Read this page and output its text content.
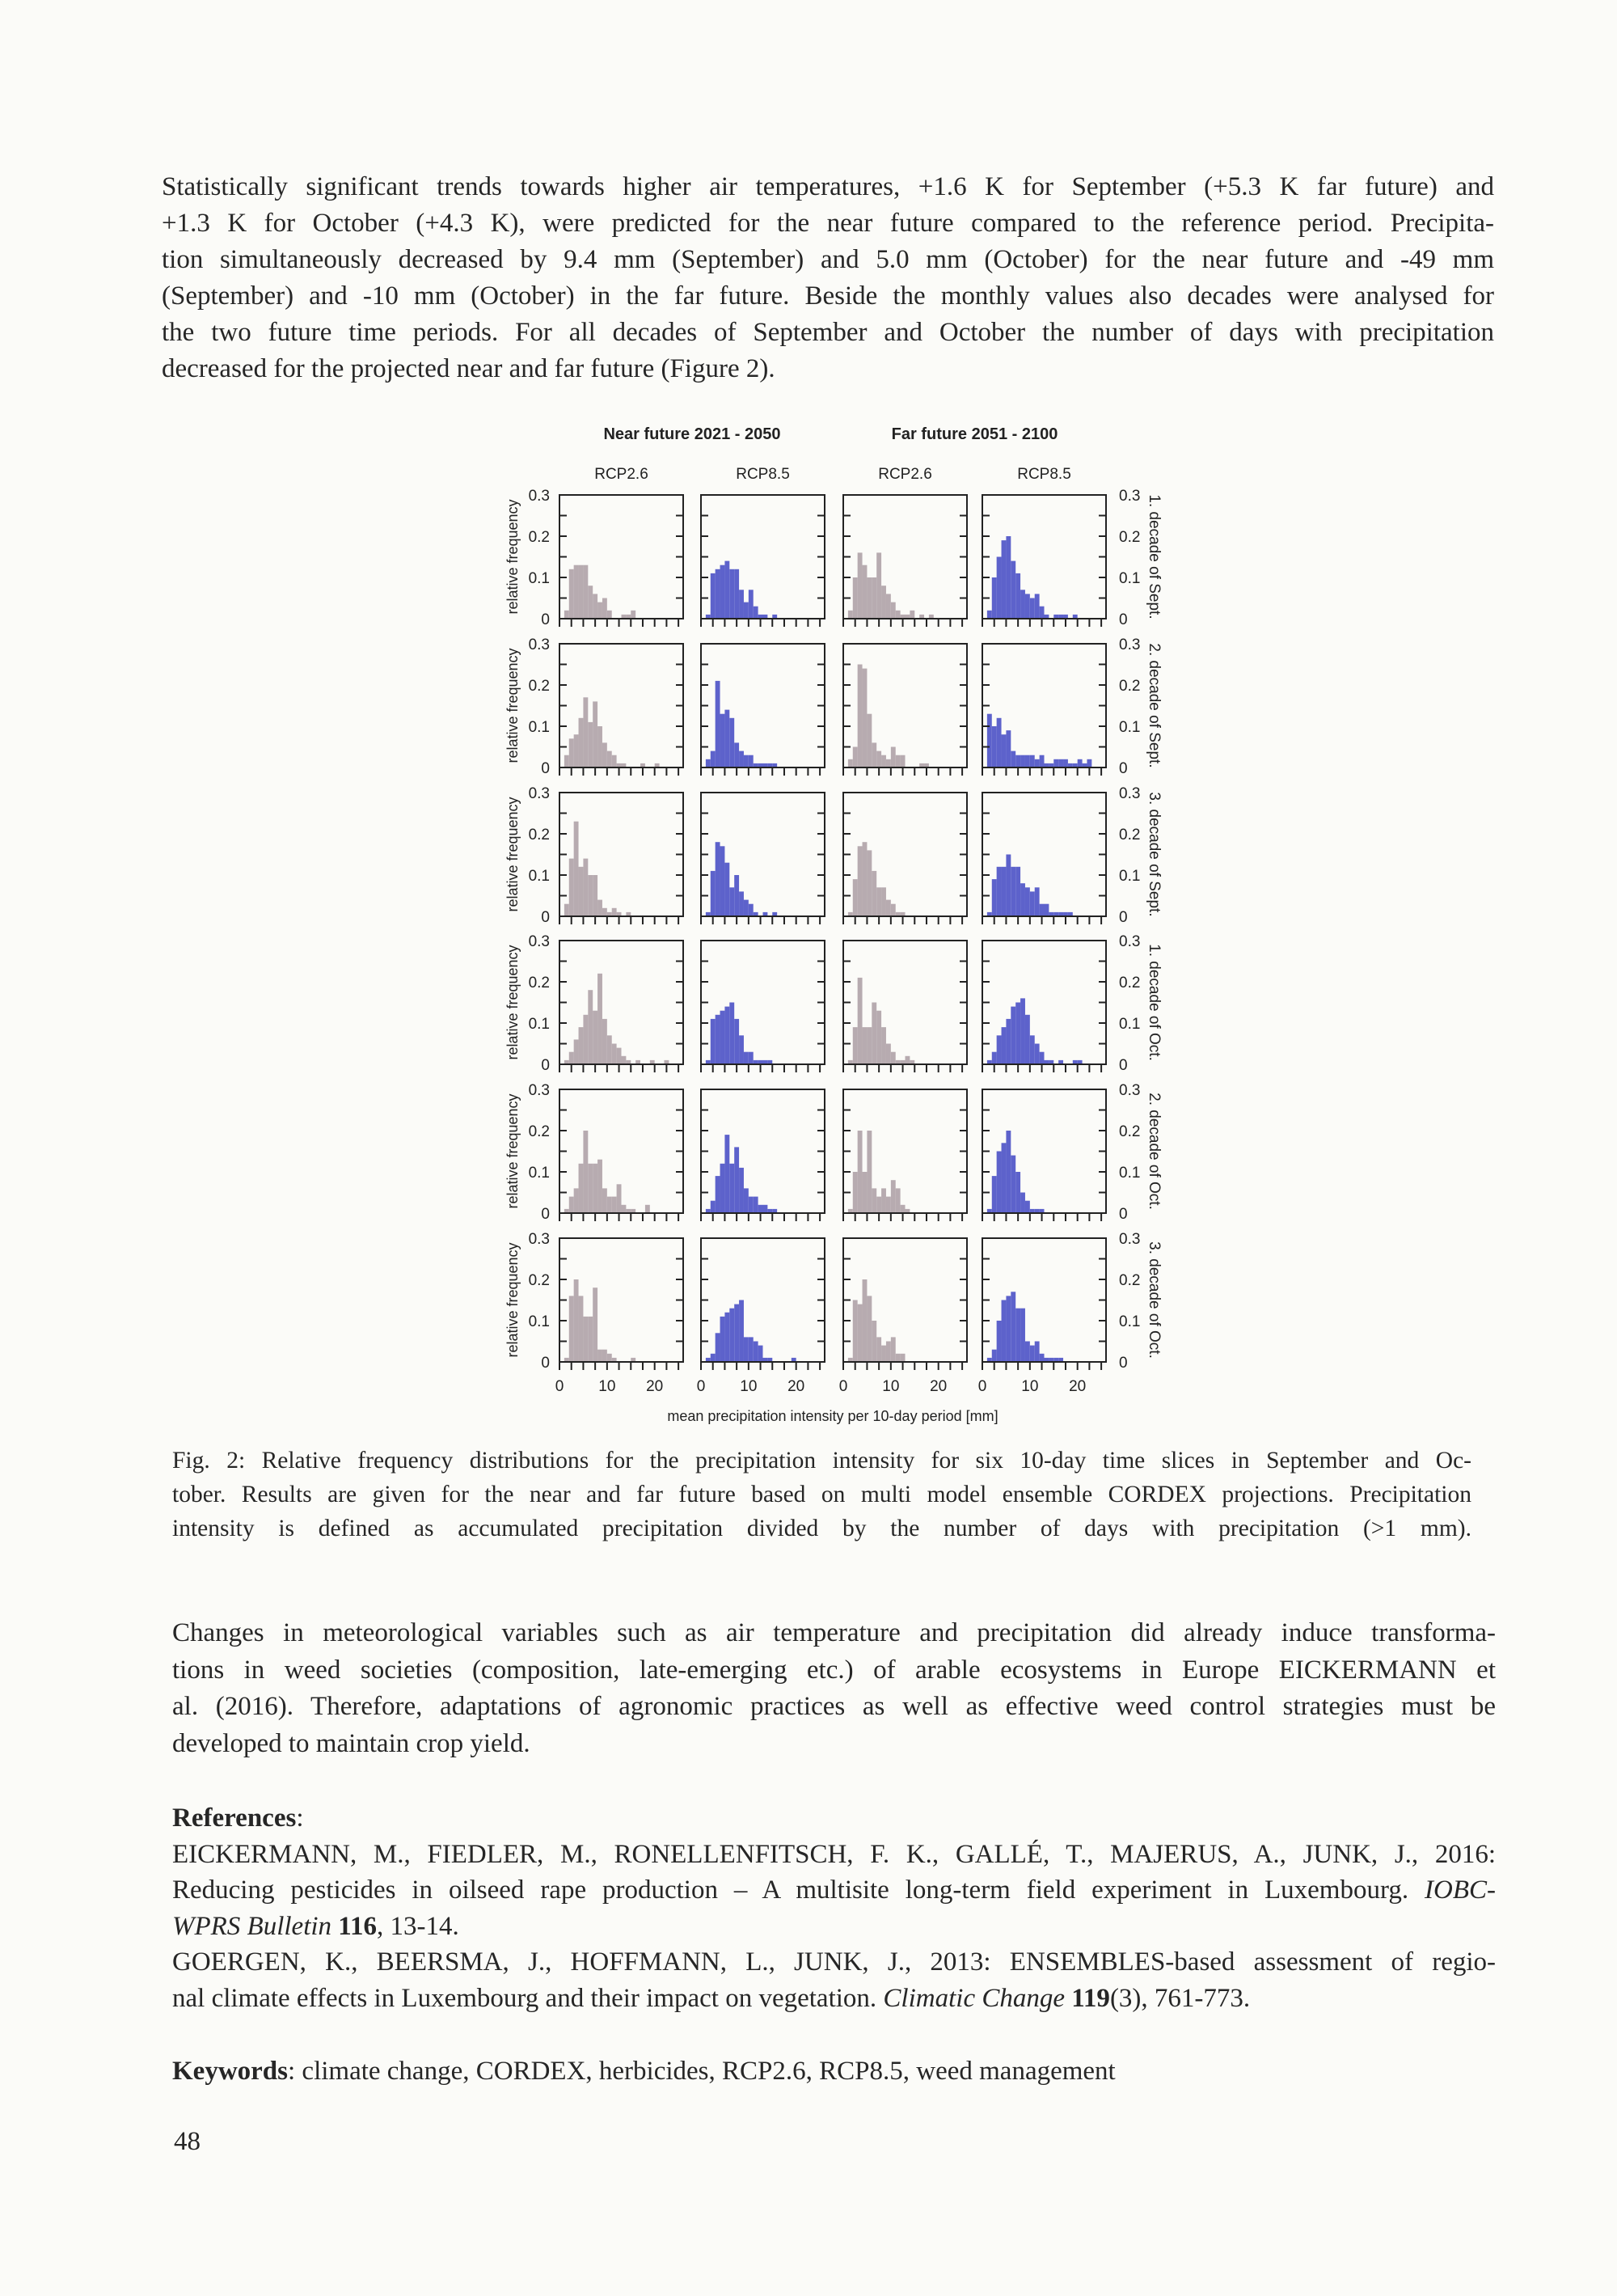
Statistically significant trends towards higher air temperatures, +1.6 K for September (+5.3 K far future) and
+1.3 K for October (+4.3 K), were predicted for the near future compared to the reference period. Precipita-
tion simultaneously decreased by 9.4 mm (September) and 5.0 mm (October) for the near future and -49 mm
(September) and -10 mm (October) in the far future. Beside the monthly values also decades were analysed for
the two future time periods. For all decades of September and October the number of days with precipitation
decreased for the projected near and far future (Figure 2).
Near future 2021 - 2050	Far future 2051 - 2100
RCP2.6	RCP8.5	RCP2.6	RCP8.5
0	0
0.1	0.1
0.2	0.2
0.3	0.3
relative frequency	1. decade of Sept.
0	0
0.1	0.1
0.2	0.2
0.3	0.3
relative frequency	2. decade of Sept.
0	0
0.1	0.1
0.2	0.2
0.3	0.3
relative frequency	3. decade of Sept.
0	0
0.1	0.1
0.2	0.2
0.3	0.3
relative frequency	1. decade of Oct.
0	0
0.1	0.1
0.2	0.2
0.3	0.3
relative frequency	2. decade of Oct.
0	0
0.1	0.1
0.2	0.2
0.3	0.3
relative frequency	3. decade of Oct.
0 10 20 0 10 20 0 10 20 0 10 20
mean precipitation intensity per 10-day period [mm]
Fig. 2: Relative frequency distributions for the precipitation intensity for six 10-day time slices in September and Oc-
tober. Results are given for the near and far future based on multi model ensemble CORDEX projections. Precipitation
intensity is defined as accumulated precipitation divided by the number of days with precipitation (>1 mm).
Changes in meteorological variables such as air temperature and precipitation did already induce transforma-
tions in weed societies (composition, late-emerging etc.) of arable ecosystems in Europe EICKERMANN et
al. (2016). Therefore, adaptations of agronomic practices as well as effective weed control strategies must be
developed to maintain crop yield.
References:
EICKERMANN, M., FIEDLER, M., RONELLENFITSCH, F. K., GALLÉ, T., MAJERUS, A., JUNK, J., 2016:
Reducing pesticides in oilseed rape production – A multisite long-term field experiment in Luxembourg. IOBC-
WPRS Bulletin 116, 13-14.
GOERGEN, K., BEERSMA, J., HOFFMANN, L., JUNK, J., 2013: ENSEMBLES-based assessment of regio-
nal climate effects in Luxembourg and their impact on vegetation. Climatic Change 119(3), 761-773.
Keywords: climate change, CORDEX, herbicides, RCP2.6, RCP8.5, weed management
48
